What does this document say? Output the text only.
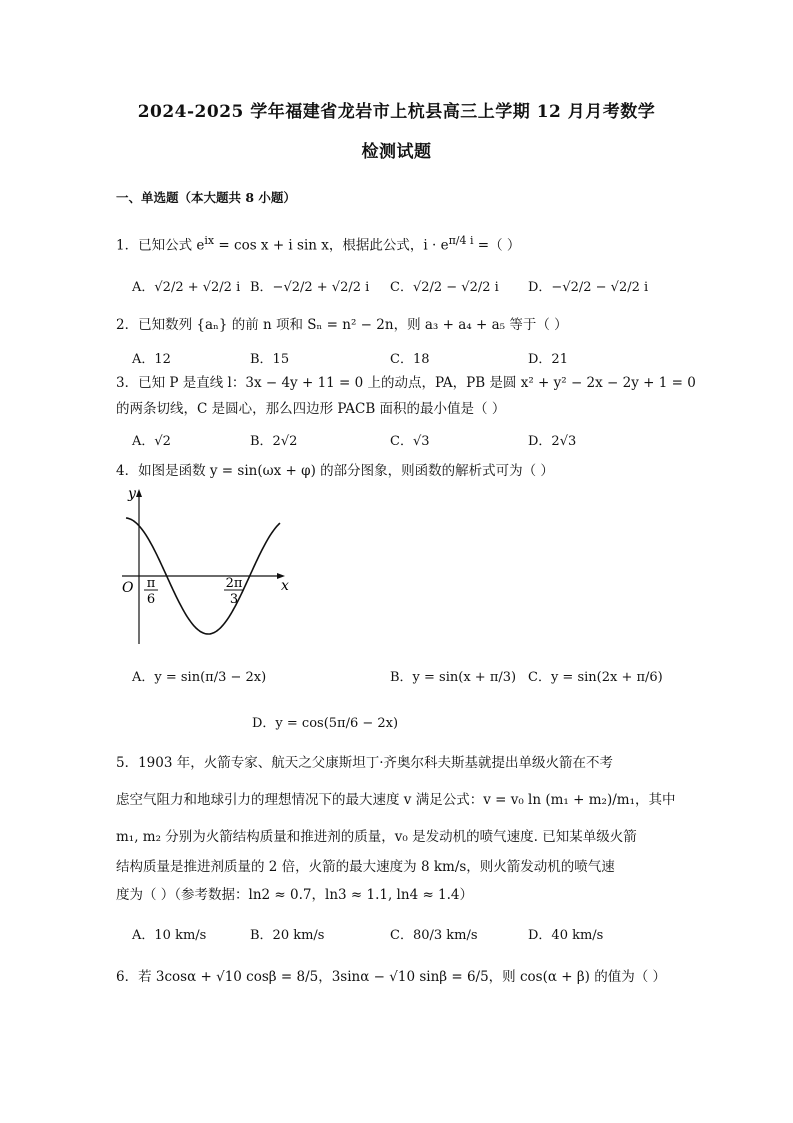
2024-2025 学年福建省龙岩市上杭县高三上学期 12 月月考数学
检测试题
一、单选题（本大题共 8 小题）
1．已知公式 $e^{ix} = \cos x + i$ sin x，根据此公式，$i \cdot e^{\pi/4 i}$ =（ ）
A．√2/2 + √2/2 i B．−√2/2 + √2/2 i C．√2/2 − √2/2 i D．−√2/2 − √2/2 i
2．已知数列 {aₙ} 的前 n 项和 Sₙ = n² − 2n，则 a₃ + a₄ + a₅ 等于（ ）
A．12	B．15	C．18	D．21
3．已知 P 是直线 l：3x − 4y + 11 = 0 上的动点，PA，PB 是圆 x² + y² − 2x − 2y + 1 = 0
的两条切线，C 是圆心，那么四边形 PACB 面积的最小值是（ ）
A．√2	B．2√2	C．√3	D．2√3
4．如图是函数 y = sin(ωx + φ) 的部分图象，则函数的解析式可为（ ）
y
x
O π
6
2π
3
A．y = sin(π/3 − 2x)	B．y = sin(x + π/3) C．y = sin(2x + π/6)
D．y = cos(5π/6 − 2x)
5．1903 年，火箭专家、航天之父康斯坦丁·齐奥尔科夫斯基就提出单级火箭在不考
虑空气阻力和地球引力的理想情况下的最大速度 v 满足公式：v = v₀ ln (m₁ + m₂)/m₁，其中
m₁, m₂ 分别为火箭结构质量和推进剂的质量，v₀ 是发动机的喷气速度. 已知某单级火箭
结构质量是推进剂质量的 2 倍，火箭的最大速度为 8 km/s，则火箭发动机的喷气速
度为（ ）（参考数据：ln2 ≈ 0.7，ln3 ≈ 1.1, ln4 ≈ 1.4）
A．10 km/s	B．20 km/s	C．80/3 km/s	D．40 km/s
6．若 3cosα + √10 cosβ = 8/5，3sinα − √10 sinβ = 6/5，则 cos(α + β) 的值为（ ）
